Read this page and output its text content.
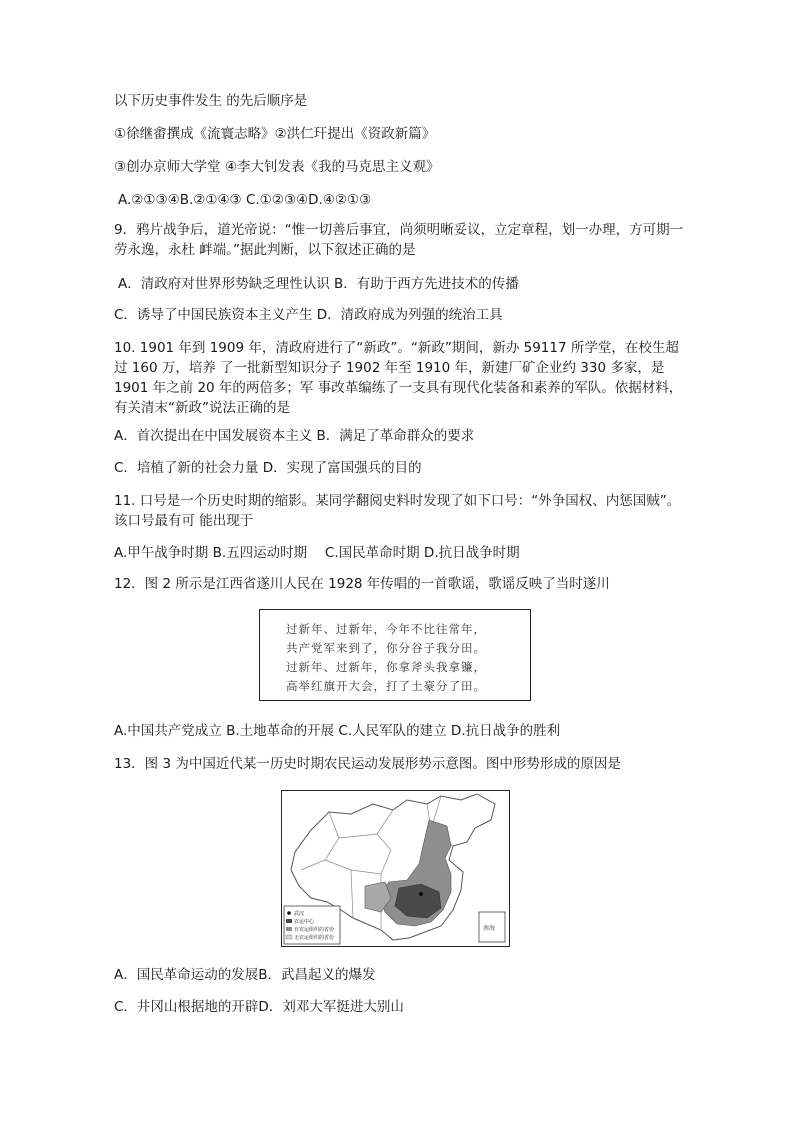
以下历史事件发生 的先后顺序是
①徐继畬撰成《流寰志略》②洪仁玕提出《资政新篇》
③创办京师大学堂 ④李大钊发表《我的马克思主义观》
A.②①③④B.②①④③ C.①②③④D.④②①③
9．鸦片战争后，道光帝说：“惟一切善后事宜，尚须明晰妥议，立定章程，划一办理，方可期一劳永逸，永杜 衅端。”据此判断，以下叙述正确的是
A．清政府对世界形势缺乏理性认识 B．有助于西方先进技术的传播
C．诱导了中国民族资本主义产生 D．清政府成为列强的统治工具
10. 1901 年到 1909 年，清政府进行了“新政”。“新政”期间，新办 59117 所学堂，在校生超过 160 万，培养 了一批新型知识分子 1902 年至 1910 年，新建厂矿企业约 330 多家，是 1901 年之前 20 年的两倍多；军 事改革编练了一支具有现代化装备和素养的军队。依据材料，有关清末“新政”说法正确的是
A．首次提出在中国发展资本主义 B．满足了革命群众的要求
C．培植了新的社会力量 D．实现了富国强兵的目的
11. 口号是一个历史时期的缩影。某同学翻阅史料时发现了如下口号：“外争国权、内惩国贼”。该口号最有可 能出现于
A.甲午战争时期 B.五四运动时期　 C.国民革命时期 D.抗日战争时期
12．图 2 所示是江西省遂川人民在 1928 年传唱的一首歌谣，歌谣反映了当时遂川
过新年、过新年，今年不比往常年，
共产党军来到了，你分谷子我分田。
过新年、过新年，你拿斧头我拿镰，
高举红旗开大会，打了土豪分了田。
A.中国共产党成立 B.土地革命的开展 C.人民军队的建立 D.抗日战争的胜利
13．图 3 为中国近代某一历史时期农民运动发展形势示意图。图中形势形成的原因是
南海
武汉
农运中心
有农运组织的省份
无农运组织的省份
A．国民革命运动的发展B．武昌起义的爆发
C．井冈山根据地的开辟D．刘邓大军挺进大别山
